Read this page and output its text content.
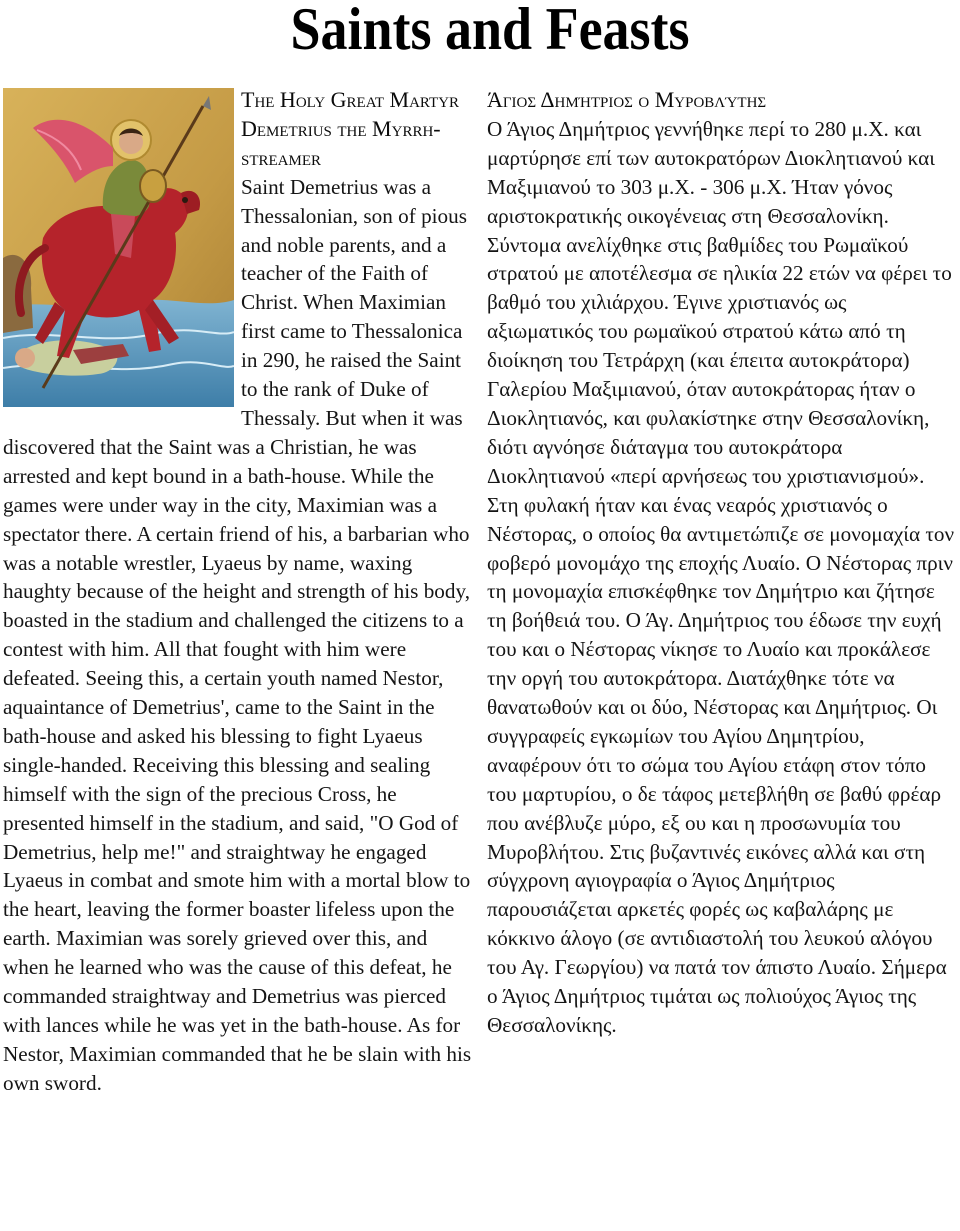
Saints and Feasts
The Holy Great Martyr Demetrius the Myrrh-streamer

Saint Demetrius was a Thessalonian, son of pious and noble parents, and a teacher of the Faith of Christ. When Maximian first came to Thessalonica in 290, he raised the Saint to the rank of Duke of Thessaly. But when it was discovered that the Saint was a Christian, he was arrested and kept bound in a bath-house. While the games were under way in the city, Maximian was a spectator there. A certain friend of his, a barbarian who was a notable wrestler, Lyaeus by name, waxing haughty because of the height and strength of his body, boasted in the stadium and challenged the citizens to a contest with him. All that fought with him were defeated. Seeing this, a certain youth named Nestor, aquaintance of Demetrius', came to the Saint in the bath-house and asked his blessing to fight Lyaeus single-handed. Receiving this blessing and sealing himself with the sign of the precious Cross, he presented himself in the stadium, and said, "O God of Demetrius, help me!" and straightway he engaged Lyaeus in combat and smote him with a mortal blow to the heart, leaving the former boaster lifeless upon the earth. Maximian was sorely grieved over this, and when he learned who was the cause of this defeat, he commanded straightway and Demetrius was pierced with lances while he was yet in the bath-house. As for Nestor, Maximian commanded that he be slain with his own sword.

Άγιος Δημήτριος ο Μυροβλύτης

Ο Άγιος Δημήτριος γεννήθηκε περί το 280 μ.Χ. και μαρτύρησε επί των αυτοκρατόρων Διοκλητιανού και Μαξιμιανού το 303 μ.Χ. - 306 μ.Χ. Ήταν γόνος αριστοκρατικής οικογένειας στη Θεσσαλονίκη. Σύντομα ανελίχθηκε στις βαθμίδες του Ρωμαϊκού στρατού με αποτέλεσμα σε ηλικία 22 ετών να φέρει το βαθμό του χιλιάρχου. Έγινε χριστιανός ως αξιωματικός του ρωμαϊκού στρατού κάτω από τη διοίκηση του Τετράρχη (και έπειτα αυτοκράτορα) Γαλερίου Μαξιμιανού, όταν αυτοκράτορας ήταν ο Διοκλητιανός, και φυλακίστηκε στην Θεσσαλονίκη, διότι αγνόησε διάταγμα του αυτοκράτορα Διοκλητιανού «περί αρνήσεως του χριστιανισμού». Στη φυλακή ήταν και ένας νεαρός χριστιανός ο Νέστορας, ο οποίος θα αντιμετώπιζε σε μονομαχία τον φοβερό μονομάχο της εποχής Λυαίο. Ο Νέστορας πριν τη μονομαχία επισκέφθηκε τον Δημήτριο και ζήτησε τη βοήθειά του. Ο Άγ. Δημήτριος του έδωσε την ευχή του και ο Νέστορας νίκησε το Λυαίο και προκάλεσε την οργή του αυτοκράτορα. Διατάχθηκε τότε να θανατωθούν και οι δύο, Νέστορας και Δημήτριος. Οι συγγραφείς εγκωμίων του Αγίου Δημητρίου, αναφέρουν ότι το σώμα του Αγίου ετάφη στον τόπο του μαρτυρίου, ο δε τάφος μετεβλήθη σε βαθύ φρέαρ που ανέβλυζε μύρο, εξ ου και η προσωνυμία του Μυροβλήτου. Στις βυζαντινές εικόνες αλλά και στη σύγχρονη αγιογραφία ο Άγιος Δημήτριος παρουσιάζεται αρκετές φορές ως καβαλάρης με κόκκινο άλογο (σε αντιδιαστολή του λευκού αλόγου του Αγ. Γεωργίου) να πατά τον άπιστο Λυαίο. Σήμερα ο Άγιος Δημήτριος τιμάται ως πολιούχος Άγιος της Θεσσαλονίκης.
